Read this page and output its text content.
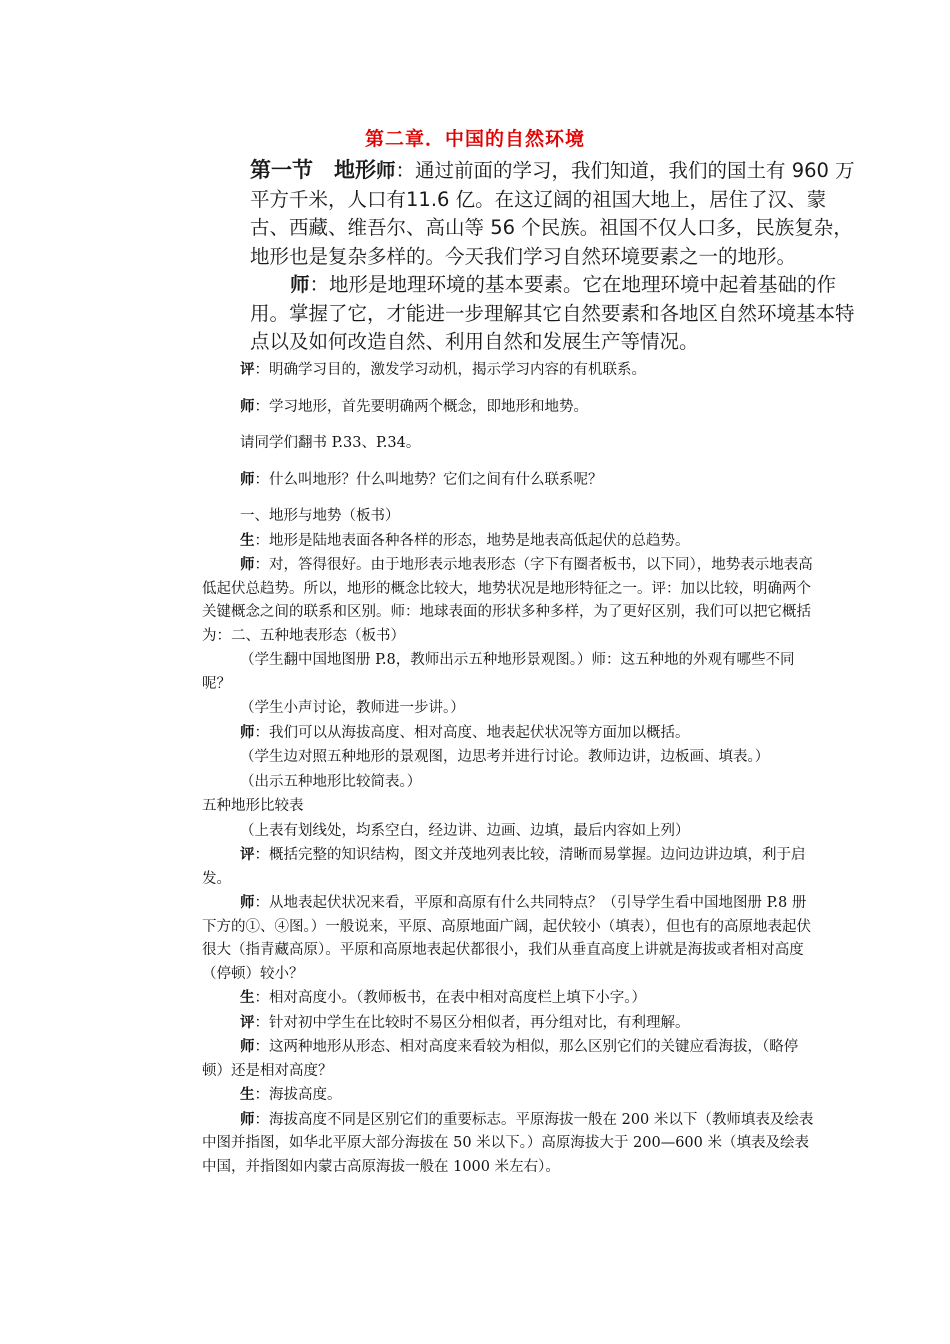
第二章．中国的自然环境

第一节　地形师：通过前面的学习，我们知道，我们的国土有 960 万平方千米，人口有11.6 亿。在这辽阔的祖国大地上，居住了汉、蒙古、西藏、维吾尔、高山等 56 个民族。祖国不仅人口多，民族复杂，地形也是复杂多样的。今天我们学习自然环境要素之一的地形。

师：地形是地理环境的基本要素。它在地理环境中起着基础的作用。掌握了它，才能进一步理解其它自然要素和各地区自然环境基本特点以及如何改造自然、利用自然和发展生产等情况。

评：明确学习目的，激发学习动机，揭示学习内容的有机联系。

师：学习地形，首先要明确两个概念，即地形和地势。

请同学们翻书 P.33、P.34。

师：什么叫地形？什么叫地势？它们之间有什么联系呢？

一、地形与地势（板书）

生：地形是陆地表面各种各样的形态，地势是地表高低起伏的总趋势。

师：对，答得很好。由于地形表示地表形态（字下有圈者板书，以下同），地势表示地表高低起伏总趋势。所以，地形的概念比较大，地势状况是地形特征之一。评：加以比较，明确两个关键概念之间的联系和区别。师：地球表面的形状多种多样，为了更好区别，我们可以把它概括为：二、五种地表形态（板书）

（学生翻中国地图册 P.8，教师出示五种地形景观图。）师：这五种地的外观有哪些不同呢？

（学生小声讨论，教师进一步讲。）

师：我们可以从海拔高度、相对高度、地表起伏状况等方面加以概括。

（学生边对照五种地形的景观图，边思考并进行讨论。教师边讲，边板画、填表。）

（出示五种地形比较简表。）

五种地形比较表

（上表有划线处，均系空白，经边讲、边画、边填，最后内容如上列）

评：概括完整的知识结构，图文并茂地列表比较，清晰而易掌握。边问边讲边填，利于启发。

师：从地表起伏状况来看，平原和高原有什么共同特点？（引导学生看中国地图册 P.8 册下方的①、④图。）一般说来，平原、高原地面广阔，起伏较小（填表），但也有的高原地表起伏很大（指青藏高原）。平原和高原地表起伏都很小，我们从垂直高度上讲就是海拔或者相对高度（停顿）较小？

生：相对高度小。（教师板书，在表中相对高度栏上填下小字。）

评：针对初中学生在比较时不易区分相似者，再分组对比，有利理解。

师：这两种地形从形态、相对高度来看较为相似，那么区别它们的关键应看海拔，（略停顿）还是相对高度？

生：海拔高度。

师：海拔高度不同是区别它们的重要标志。平原海拔一般在 200 米以下（教师填表及绘表中图并指图，如华北平原大部分海拔在 50 米以下。）高原海拔大于 200—600 米（填表及绘表中国，并指图如内蒙古高原海拔一般在 1000 米左右）。
